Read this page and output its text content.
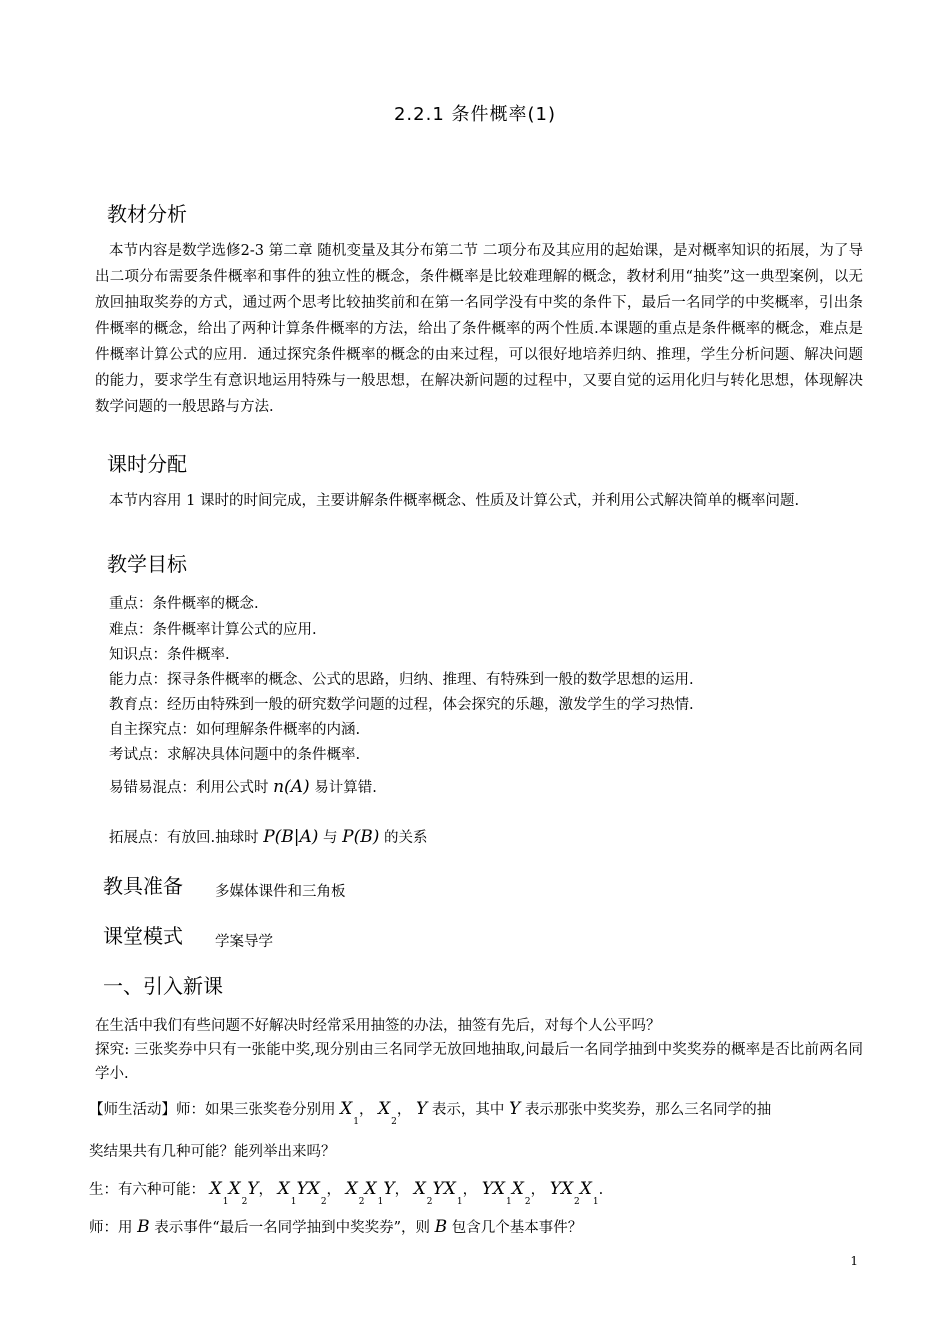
2.2.1 条件概率(1)
教材分析

本节内容是数学选修2-3 第二章 随机变量及其分布第二节 二项分布及其应用的起始课，是对概率知识的拓展，为了导出二项分布需要条件概率和事件的独立性的概念，条件概率是比较难理解的概念，教材利用“抽奖”这一典型案例，以无放回抽取奖券的方式，通过两个思考比较抽奖前和在第一名同学没有中奖的条件下，最后一名同学的中奖概率，引出条件概率的概念，给出了两种计算条件概率的方法，给出了条件概率的两个性质.本课题的重点是条件概率的概念，难点是件概率计算公式的应用．通过探究条件概率的概念的由来过程，可以很好地培养归纳、推理，学生分析问题、解决问题的能力，要求学生有意识地运用特殊与一般思想，在解决新问题的过程中，又要自觉的运用化归与转化思想，体现解决数学问题的一般思路与方法.

课时分配

本节内容用 1 课时的时间完成，主要讲解条件概率概念、性质及计算公式，并利用公式解决简单的概率问题.

教学目标
重点：条件概率的概念.
难点：条件概率计算公式的应用.
知识点：条件概率.
能力点：探寻条件概率的概念、公式的思路，归纳、推理、有特殊到一般的数学思想的运用.
教育点：经历由特殊到一般的研究数学问题的过程，体会探究的乐趣，激发学生的学习热情.
自主探究点：如何理解条件概率的内涵.
考试点：求解决具体问题中的条件概率.
易错易混点：利用公式时 n(A) 易计算错.
拓展点：有放回.抽球时 P(B|A) 与 P(B) 的关系
教具准备 多媒体课件和三角板
课堂模式 学案导学
一、引入新课

在生活中我们有些问题不好解决时经常采用抽签的办法，抽签有先后，对每个人公平吗？

探究: 三张奖券中只有一张能中奖,现分别由三名同学无放回地抽取,问最后一名同学抽到中奖奖券的概率是否比前两名同学小.

【师生活动】师：如果三张奖卷分别用 $X_1$， $X_2$， Y 表示，其中 Y 表示那张中奖奖券，那么三名同学的抽
奖结果共有几种可能？能列举出来吗？
生：有六种可能： $X_1X_2Y$， $X_1YX_2$， $X_2X_1Y$， $X_2YX_1$， $YX_1X_2$， $YX_2X_1$.
师：用 B 表示事件“最后一名同学抽到中奖奖券”，则 B 包含几个基本事件？
1
